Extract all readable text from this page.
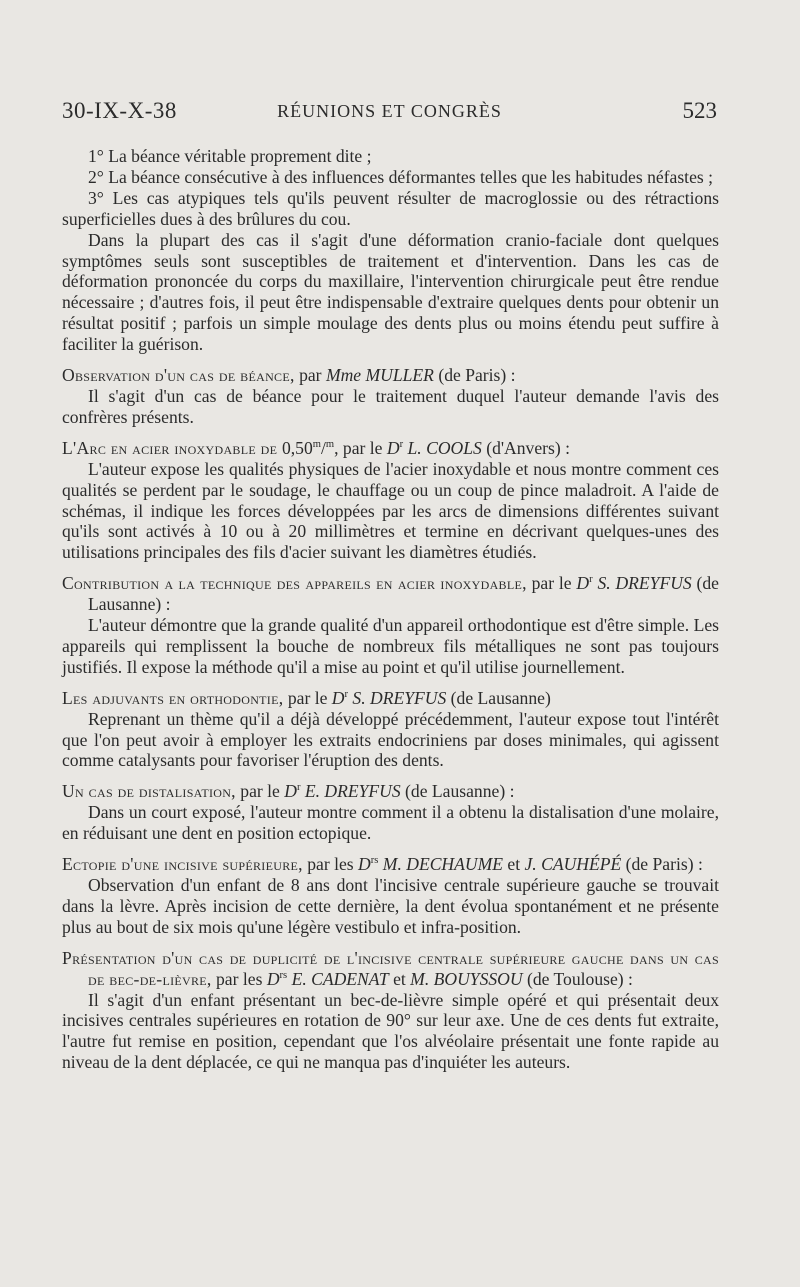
30-IX-X-38	RÉUNIONS ET CONGRÈS	523

1° La béance véritable proprement dite ;

2° La béance consécutive à des influences déformantes telles que les habitudes néfastes ;

3° Les cas atypiques tels qu'ils peuvent résulter de macroglossie ou des rétractions superficielles dues à des brûlures du cou.

Dans la plupart des cas il s'agit d'une déformation cranio-faciale dont quelques symptômes seuls sont susceptibles de traitement et d'intervention. Dans les cas de déformation prononcée du corps du maxillaire, l'intervention chirurgicale peut être rendue nécessaire ; d'autres fois, il peut être indispensable d'extraire quelques dents pour obtenir un résultat positif ; parfois un simple moulage des dents plus ou moins étendu peut suffire à faciliter la guérison.

Observation d'un cas de béance, par Mme MULLER (de Paris) :

Il s'agit d'un cas de béance pour le traitement duquel l'auteur demande l'avis des confrères présents.

L'Arc en acier inoxydable de 0,50$^m$/$^m$, par le $D^r$ L. COOLS (d'Anvers) :

L'auteur expose les qualités physiques de l'acier inoxydable et nous montre comment ces qualités se perdent par le soudage, le chauffage ou un coup de pince maladroit. A l'aide de schémas, il indique les forces développées par les arcs de dimensions différentes suivant qu'ils sont activés à 10 ou à 20 millimètres et termine en décrivant quelques-unes des utilisations principales des fils d'acier suivant les diamètres étudiés.

Contribution a la technique des appareils en acier inoxydable, par le $D^r$ S. DREYFUS (de Lausanne) :

L'auteur démontre que la grande qualité d'un appareil orthodontique est d'être simple. Les appareils qui remplissent la bouche de nombreux fils métalliques ne sont pas toujours justifiés. Il expose la méthode qu'il a mise au point et qu'il utilise journellement.

Les adjuvants en orthodontie, par le $D^r$ S. DREYFUS (de Lausanne)

Reprenant un thème qu'il a déjà développé précédemment, l'auteur expose tout l'intérêt que l'on peut avoir à employer les extraits endocriniens par doses minimales, qui agissent comme catalysants pour favoriser l'éruption des dents.

Un cas de distalisation, par le $D^r$ E. DREYFUS (de Lausanne) :

Dans un court exposé, l'auteur montre comment il a obtenu la distalisation d'une molaire, en réduisant une dent en position ectopique.

Ectopie d'une incisive supérieure, par les $D^{rs}$ M. DECHAUME et J. CAUHÉPÉ (de Paris) :

Observation d'un enfant de 8 ans dont l'incisive centrale supérieure gauche se trouvait dans la lèvre. Après incision de cette dernière, la dent évolua spontanément et ne présente plus au bout de six mois qu'une légère vestibulo et infra-position.

Présentation d'un cas de duplicité de l'incisive centrale supérieure gauche dans un cas de bec-de-lièvre, par les $D^{rs}$ E. CADENAT et M. BOUYSSOU (de Toulouse) :

Il s'agit d'un enfant présentant un bec-de-lièvre simple opéré et qui présentait deux incisives centrales supérieures en rotation de 90° sur leur axe. Une de ces dents fut extraite, l'autre fut remise en position, cependant que l'os alvéolaire présentait une fonte rapide au niveau de la dent déplacée, ce qui ne manqua pas d'inquiéter les auteurs.
